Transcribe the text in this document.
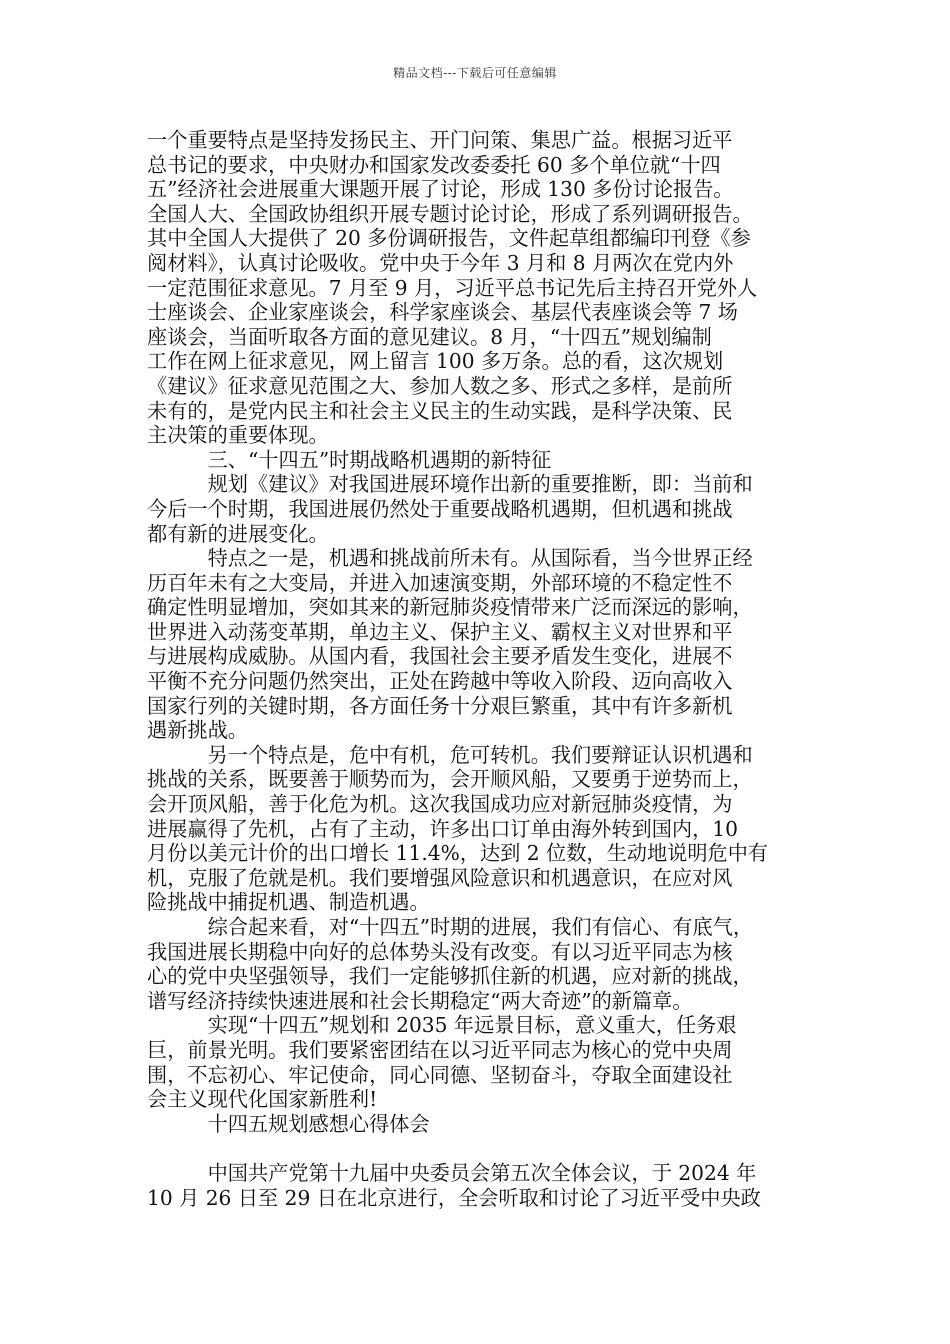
精品文档---下载后可任意编辑
一个重要特点是坚持发扬民主、开门问策、集思广益。根据习近平
总书记的要求，中央财办和国家发改委委托 60 多个单位就“十四
五”经济社会进展重大课题开展了讨论，形成 130 多份讨论报告。
全国人大、全国政协组织开展专题讨论讨论，形成了系列调研报告。
其中全国人大提供了 20 多份调研报告，文件起草组都编印刊登《参
阅材料》，认真讨论吸收。党中央于今年 3 月和 8 月两次在党内外
一定范围征求意见。7 月至 9 月，习近平总书记先后主持召开党外人
士座谈会、企业家座谈会，科学家座谈会、基层代表座谈会等 7 场
座谈会，当面听取各方面的意见建议。8 月，“十四五”规划编制
工作在网上征求意见，网上留言 100 多万条。总的看，这次规划
《建议》征求意见范围之大、参加人数之多、形式之多样，是前所
未有的，是党内民主和社会主义民主的生动实践，是科学决策、民
主决策的重要体现。
　　　三、“十四五”时期战略机遇期的新特征
　　　规划《建议》对我国进展环境作出新的重要推断，即：当前和
今后一个时期，我国进展仍然处于重要战略机遇期，但机遇和挑战
都有新的进展变化。
　　　特点之一是，机遇和挑战前所未有。从国际看，当今世界正经
历百年未有之大变局，并进入加速演变期，外部环境的不稳定性不
确定性明显增加，突如其来的新冠肺炎疫情带来广泛而深远的影响，
世界进入动荡变革期，单边主义、保护主义、霸权主义对世界和平
与进展构成威胁。从国内看，我国社会主要矛盾发生变化，进展不
平衡不充分问题仍然突出，正处在跨越中等收入阶段、迈向高收入
国家行列的关键时期，各方面任务十分艰巨繁重，其中有许多新机
遇新挑战。
　　　另一个特点是，危中有机，危可转机。我们要辩证认识机遇和
挑战的关系，既要善于顺势而为，会开顺风船，又要勇于逆势而上，
会开顶风船，善于化危为机。这次我国成功应对新冠肺炎疫情，为
进展赢得了先机，占有了主动，许多出口订单由海外转到国内，10
月份以美元计价的出口增长 11.4%，达到 2 位数，生动地说明危中有
机，克服了危就是机。我们要增强风险意识和机遇意识，在应对风
险挑战中捕捉机遇、制造机遇。
　　　综合起来看，对“十四五”时期的进展，我们有信心、有底气，
我国进展长期稳中向好的总体势头没有改变。有以习近平同志为核
心的党中央坚强领导，我们一定能够抓住新的机遇，应对新的挑战，
谱写经济持续快速进展和社会长期稳定“两大奇迹”的新篇章。
　　　实现“十四五”规划和 2035 年远景目标，意义重大，任务艰
巨，前景光明。我们要紧密团结在以习近平同志为核心的党中央周
围，不忘初心、牢记使命，同心同德、坚韧奋斗，夺取全面建设社
会主义现代化国家新胜利!
　　　十四五规划感想心得体会
　　　中国共产党第十九届中央委员会第五次全体会议，于 2024 年
10 月 26 日至 29 日在北京进行，全会听取和讨论了习近平受中央政
